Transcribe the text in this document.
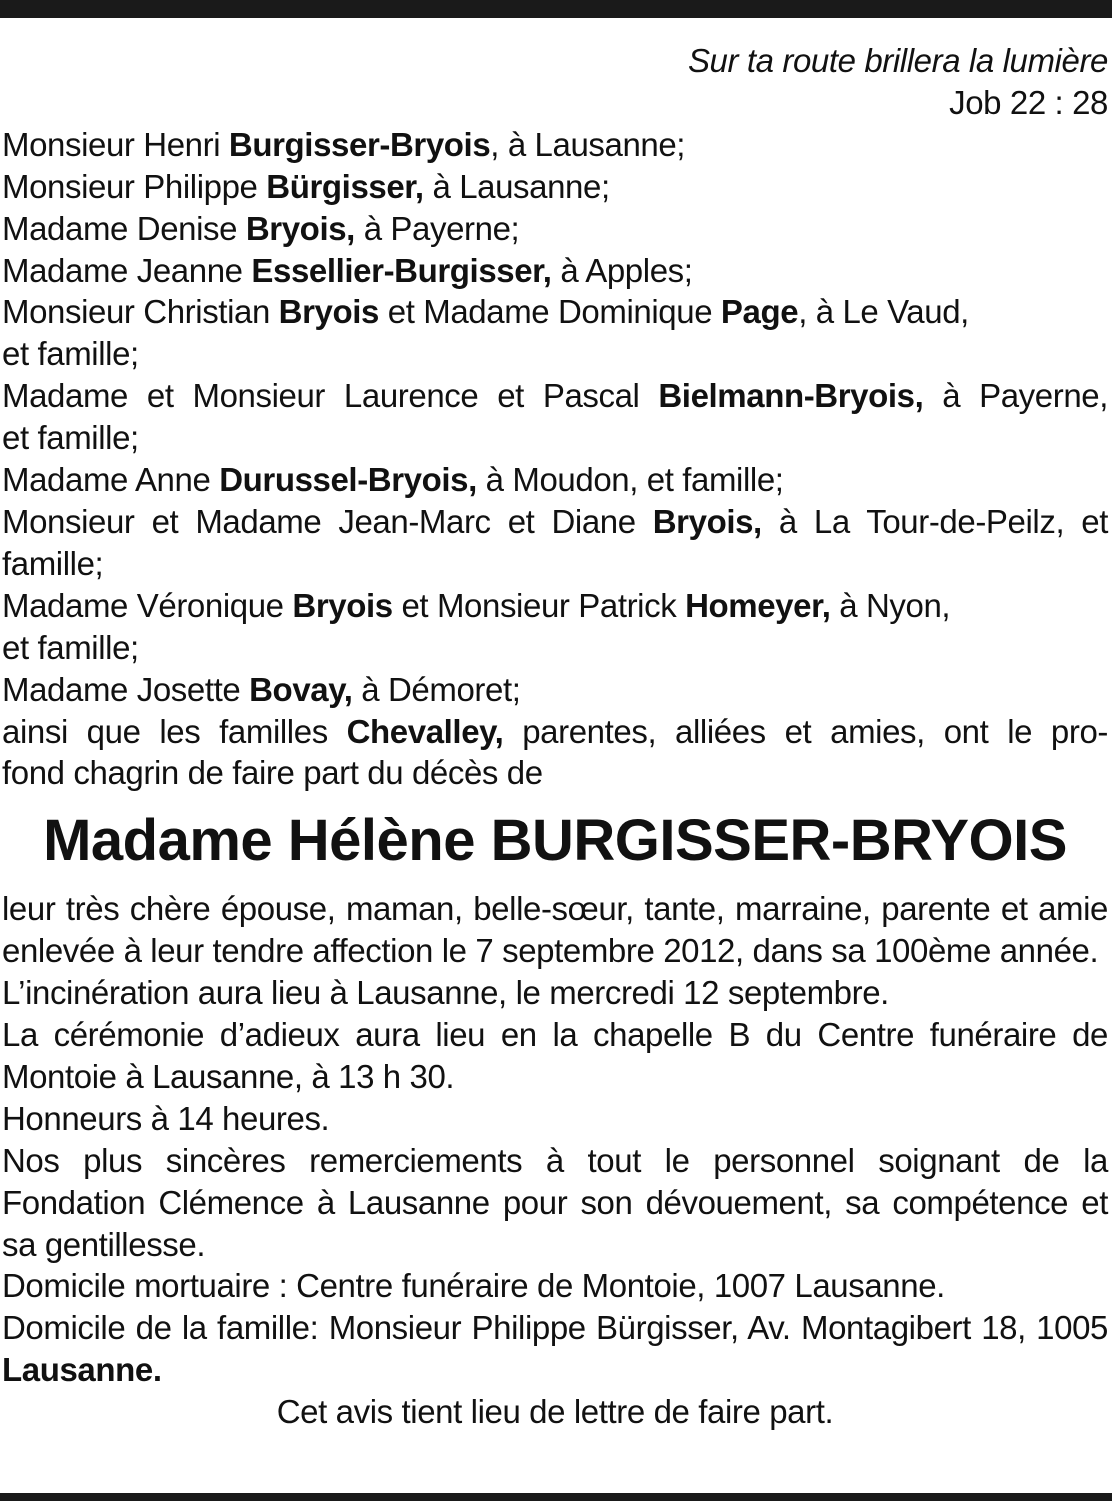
Sur ta route brillera la lumière
Job 22 : 28
Monsieur Henri Burgisser-Bryois, à Lausanne;
Monsieur Philippe Bürgisser, à Lausanne;
Madame Denise Bryois, à Payerne;
Madame Jeanne Essellier-Burgisser, à Apples;
Monsieur Christian Bryois et Madame Dominique Page, à Le Vaud,
et famille;
Madame et Monsieur Laurence et Pascal Bielmann-Bryois, à Payerne,
et famille;
Madame Anne Durussel-Bryois, à Moudon, et famille;
Monsieur et Madame Jean-Marc et Diane Bryois, à La Tour-de-Peilz, et
famille;
Madame Véronique Bryois et Monsieur Patrick Homeyer, à Nyon,
et famille;
Madame Josette Bovay, à Démoret;
ainsi que les familles Chevalley, parentes, alliées et amies, ont le pro-
fond chagrin de faire part du décès de
Madame Hélène BURGISSER-BRYOIS
leur très chère épouse, maman, belle-sœur, tante, marraine, parente et amie enlevée à leur tendre affection le 7 septembre 2012, dans sa 100ème année.
L’incinération aura lieu à Lausanne, le mercredi 12 septembre.
La cérémonie d’adieux aura lieu en la chapelle B du Centre funéraire de Montoie à Lausanne, à 13 h 30.
Honneurs à 14 heures.
Nos plus sincères remerciements à tout le personnel soignant de la Fondation Clémence à Lausanne pour son dévouement, sa compétence et sa gentillesse.
Domicile mortuaire : Centre funéraire de Montoie, 1007 Lausanne.
Domicile de la famille: Monsieur Philippe Bürgisser, Av. Montagibert 18, 1005 Lausanne.
Cet avis tient lieu de lettre de faire part.
